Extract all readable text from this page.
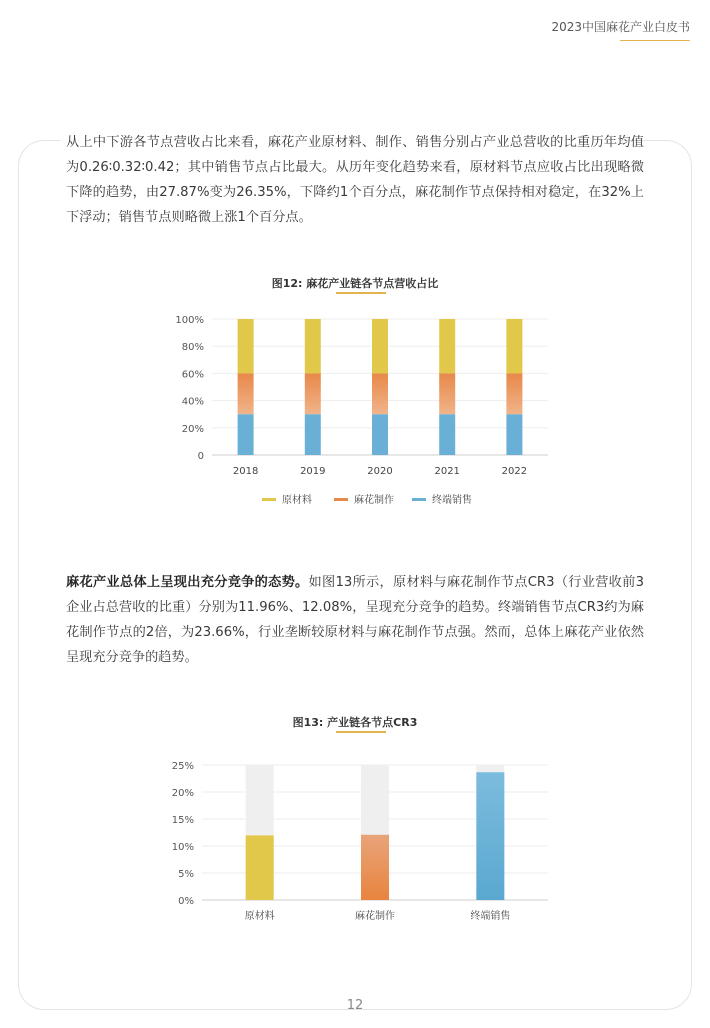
2023中国麻花产业白皮书

从上中下游各节点营收占比来看，麻花产业原材料、制作、销售分别占产业总营收的比重历年均值为0.26∶0.32∶0.42；其中销售节点占比最大。从历年变化趋势来看，原材料节点应收占比出现略微下降的趋势，由27.87%变为26.35%，下降约1个百分点，麻花制作节点保持相对稳定，在32%上下浮动；销售节点则略微上涨1个百分点。

图12: 麻花产业链各节点营收占比
0
20%
40%
60%
80%
100%
2018	2019	2020	2021	2022
原材料	麻花制作	终端销售

麻花产业总体上呈现出充分竞争的态势。如图13所示，原材料与麻花制作节点CR3（行业营收前3企业占总营收的比重）分别为11.96%、12.08%，呈现充分竞争的趋势。终端销售节点CR3约为麻花制作节点的2倍，为23.66%，行业垄断较原材料与麻花制作节点强。然而，总体上麻花产业依然呈现充分竞争的趋势。

图13: 产业链各节点CR3
0%
5%
10%
15%
20%
25%
原材料	麻花制作	终端销售
12
